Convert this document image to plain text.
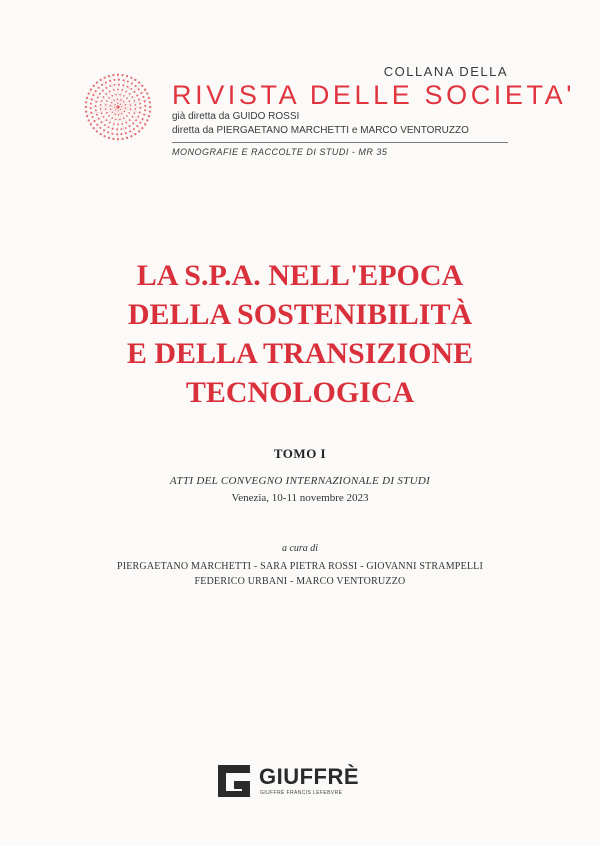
COLLANA DELLA
RIVISTA DELLE SOCIETA'
già diretta da GUIDO ROSSI
diretta da PIERGAETANO MARCHETTI e MARCO VENTORUZZO
MONOGRAFIE E RACCOLTE DI STUDI - MR 35
LA S.P.A. NELL'EPOCA
DELLA SOSTENIBILITÀ
E DELLA TRANSIZIONE
TECNOLOGICA
TOMO I
ATTI DEL CONVEGNO INTERNAZIONALE DI STUDI
Venezia, 10-11 novembre 2023
a cura di
PIERGAETANO MARCHETTI - SARA PIETRA ROSSI - GIOVANNI STRAMPELLI
FEDERICO URBANI - MARCO VENTORUZZO
GIUFFRÈ
GIUFFRÈ FRANCIS LEFEBVRE
